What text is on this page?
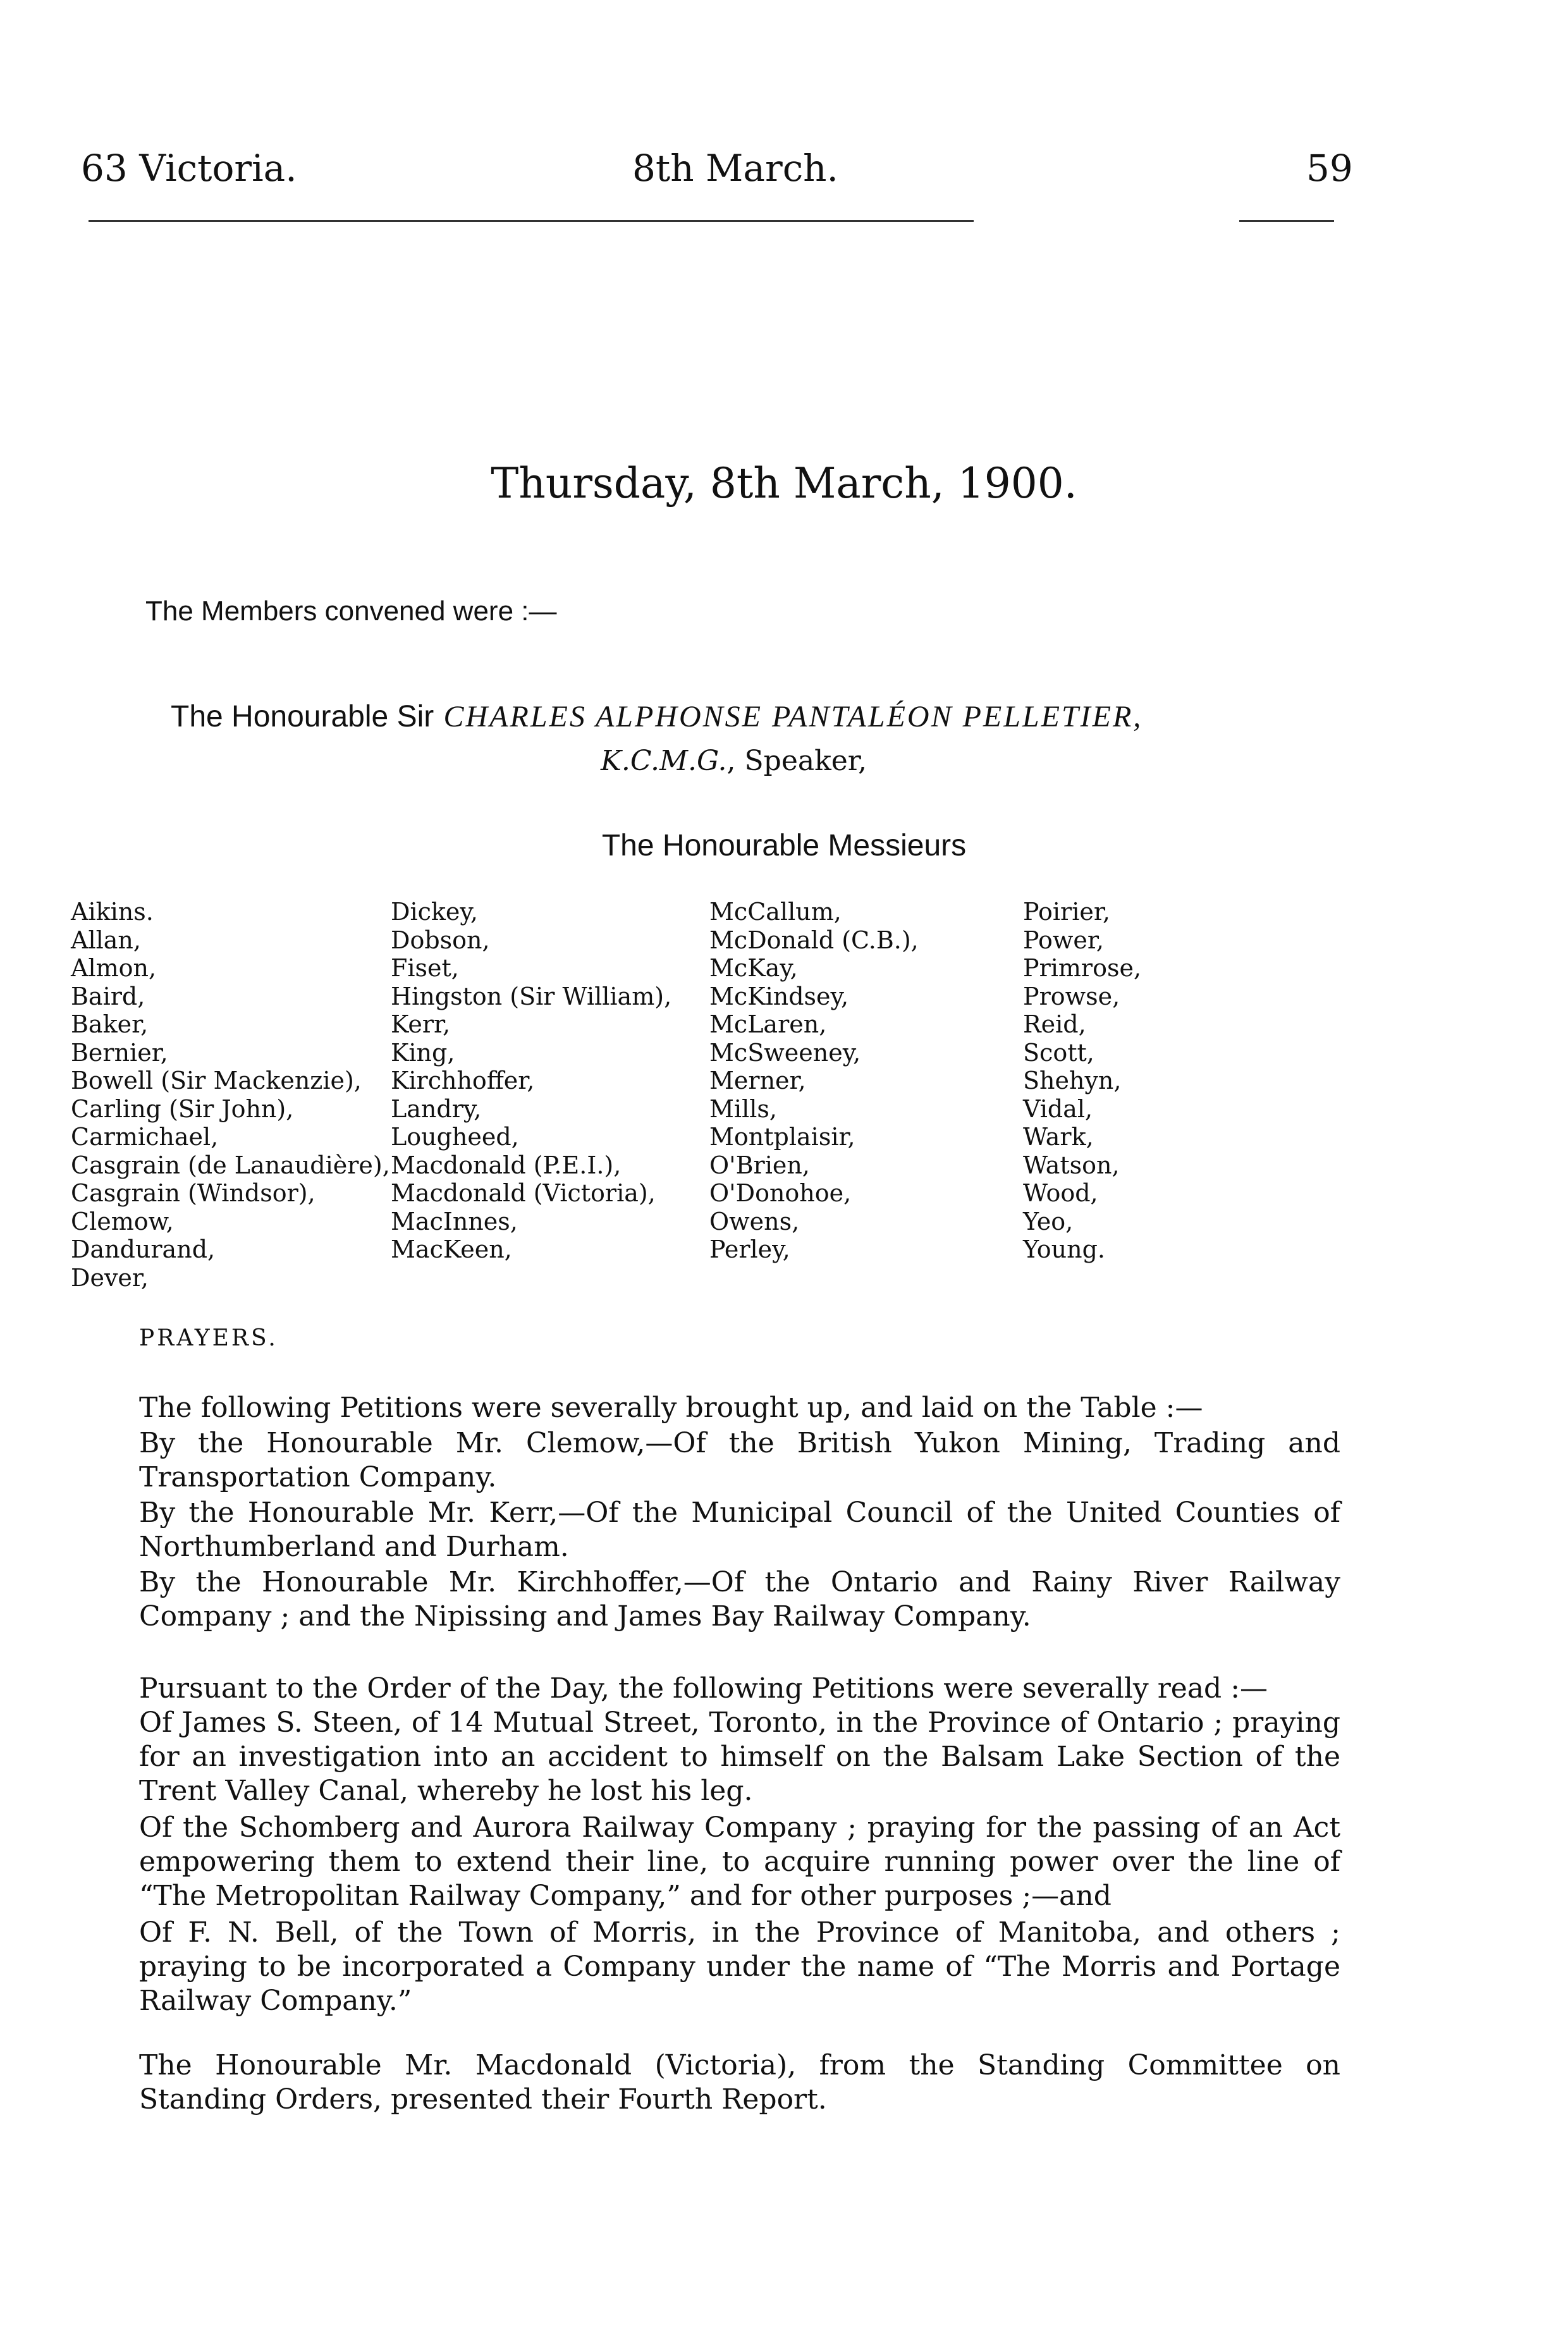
63 Victoria.	8th March.	59
Thursday, 8th March, 1900.
The Members convened were :—
The Honourable Sir CHARLES ALPHONSE PANTALÉON PELLETIER,
K.C.M.G., Speaker,
The Honourable Messieurs
Aikins.
Allan,
Almon,
Baird,
Baker,
Bernier,
Bowell (Sir Mackenzie),
Carling (Sir John),
Carmichael,
Casgrain (de Lanaudière),
Casgrain (Windsor),
Clemow,
Dandurand,
Dever,
Dickey,
Dobson,
Fiset,
Hingston (Sir William),
Kerr,
King,
Kirchhoffer,
Landry,
Lougheed,
Macdonald (P.E.I.),
Macdonald (Victoria),
MacInnes,
MacKeen,
McCallum,
McDonald (C.B.),
McKay,
McKindsey,
McLaren,
McSweeney,
Merner,
Mills,
Montplaisir,
O'Brien,
O'Donohoe,
Owens,
Perley,
Poirier,
Power,
Primrose,
Prowse,
Reid,
Scott,
Shehyn,
Vidal,
Wark,
Watson,
Wood,
Yeo,
Young.
PRAYERS.
The following Petitions were severally brought up, and laid on the Table :—
By the Honourable Mr. Clemow,—Of the British Yukon Mining, Trading and Transportation Company.
By the Honourable Mr. Kerr,—Of the Municipal Council of the United Counties of Northumberland and Durham.
By the Honourable Mr. Kirchhoffer,—Of the Ontario and Rainy River Railway Company ; and the Nipissing and James Bay Railway Company.
Pursuant to the Order of the Day, the following Petitions were severally read :—
Of James S. Steen, of 14 Mutual Street, Toronto, in the Province of Ontario ; praying for an investigation into an accident to himself on the Balsam Lake Section of the Trent Valley Canal, whereby he lost his leg.
Of the Schomberg and Aurora Railway Company ; praying for the passing of an Act empowering them to extend their line, to acquire running power over the line of “The Metropolitan Railway Company,” and for other purposes ;—and
Of F. N. Bell, of the Town of Morris, in the Province of Manitoba, and others ; praying to be incorporated a Company under the name of “The Morris and Portage Railway Company.”
The Honourable Mr. Macdonald (Victoria), from the Standing Committee on Standing Orders, presented their Fourth Report.
